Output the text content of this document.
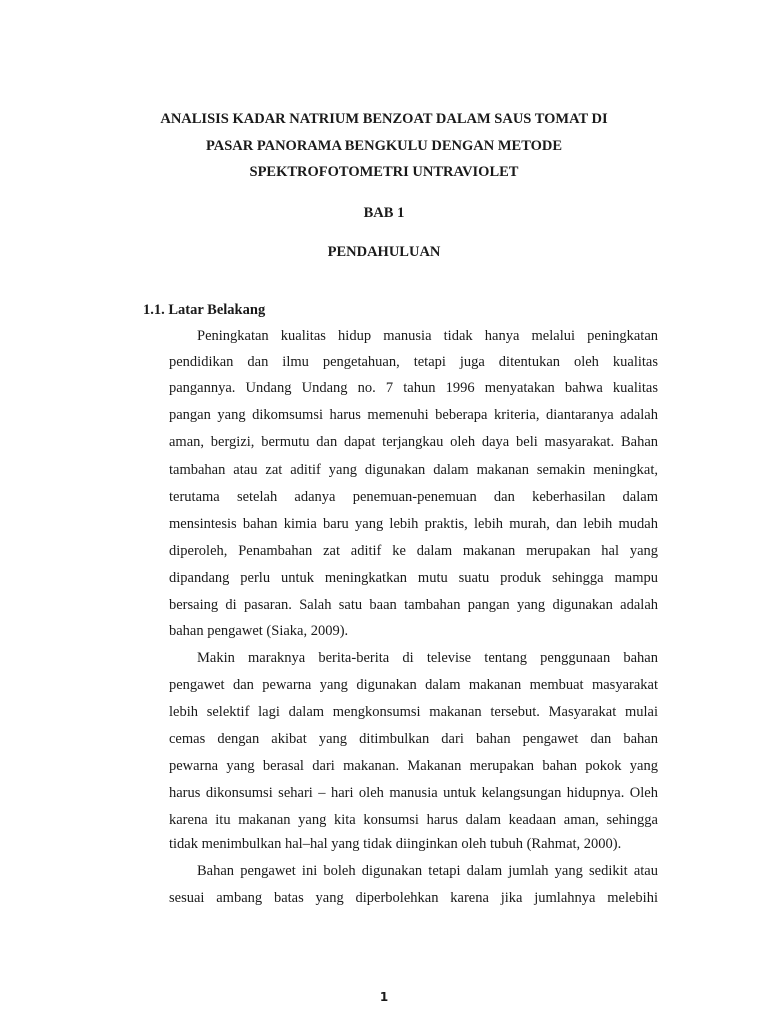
ANALISIS KADAR NATRIUM BENZOAT DALAM SAUS TOMAT DI
PASAR PANORAMA BENGKULU DENGAN METODE
SPEKTROFOTOMETRI UNTRAVIOLET
BAB 1
PENDAHULUAN
1.1. Latar Belakang
Peningkatan kualitas hidup manusia tidak hanya melalui peningkatan
pendidikan dan ilmu pengetahuan, tetapi juga ditentukan oleh kualitas
pangannya. Undang Undang no. 7 tahun 1996 menyatakan bahwa kualitas
pangan yang dikomsumsi harus memenuhi beberapa kriteria, diantaranya adalah
aman, bergizi, bermutu dan dapat terjangkau oleh daya beli masyarakat. Bahan
tambahan atau zat aditif yang digunakan dalam makanan semakin meningkat,
terutama setelah adanya penemuan-penemuan dan keberhasilan dalam
mensintesis bahan kimia baru yang lebih praktis, lebih murah, dan lebih mudah
diperoleh, Penambahan zat aditif ke dalam makanan merupakan hal yang
dipandang perlu untuk meningkatkan mutu suatu produk sehingga mampu
bersaing di pasaran. Salah satu baan tambahan pangan yang digunakan adalah
bahan pengawet (Siaka, 2009).
Makin maraknya berita-berita di televise tentang penggunaan bahan
pengawet dan pewarna yang digunakan dalam makanan membuat masyarakat
lebih selektif lagi dalam mengkonsumsi makanan tersebut. Masyarakat mulai
cemas dengan akibat yang ditimbulkan dari bahan pengawet dan bahan
pewarna yang berasal dari makanan. Makanan merupakan bahan pokok yang
harus dikonsumsi sehari – hari oleh manusia untuk kelangsungan hidupnya. Oleh
karena itu makanan yang kita konsumsi harus dalam keadaan aman, sehingga
tidak menimbulkan hal–hal yang tidak diinginkan oleh tubuh (Rahmat, 2000).
Bahan pengawet ini boleh digunakan tetapi dalam jumlah yang sedikit atau
sesuai ambang batas yang diperbolehkan karena jika jumlahnya melebihi
1
